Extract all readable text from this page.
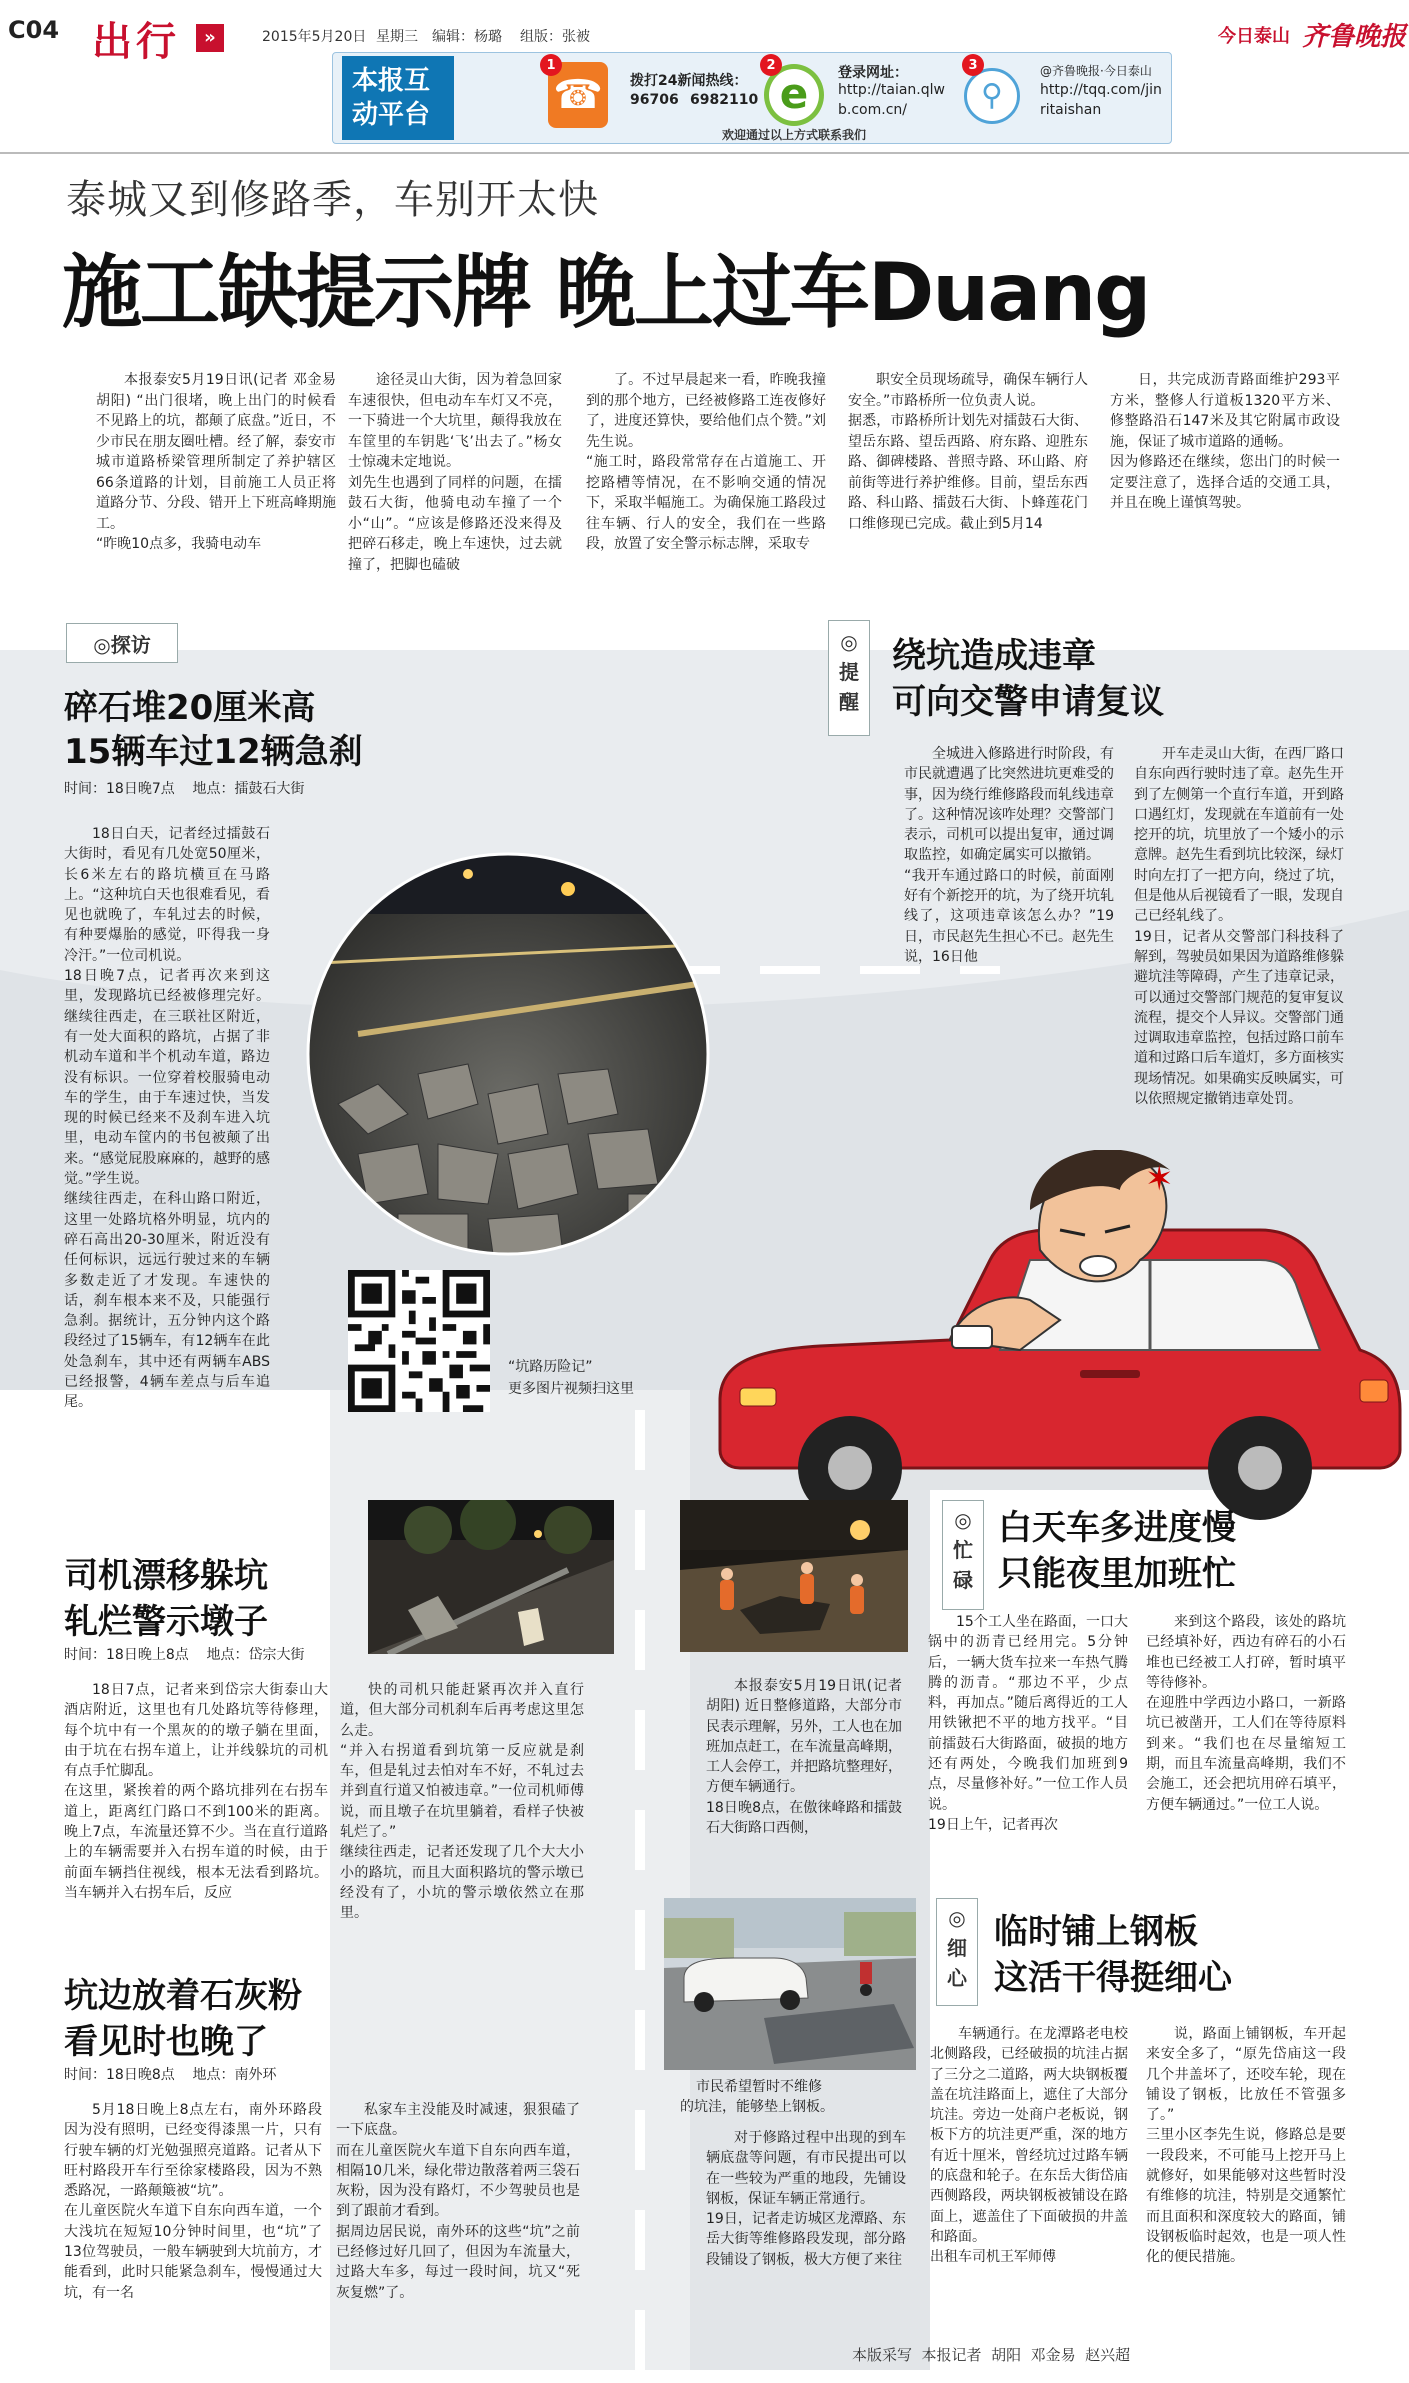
C04 出行	»	2015年5月20日 星期三 编辑：杨璐 组版：张被	今日泰山 齐鲁晚报
本报互
动平台	☎
1
拨打24新闻热线：
96706 6982110 e
2	登录网址：
http://taian.qlw
b.com.cn/	⚲
3	@齐鲁晚报·今日泰山
http://tqq.com/jin
ritaishan
欢迎通过以上方式联系我们
泰城又到修路季，车别开太快
施工缺提示牌 晚上过车Duang
本报泰安5月19日讯(记者 邓金易 胡阳) “出门很堵，晚上出门的时候看不见路上的坑，都颠了底盘。”近日，不少市民在朋友圈吐槽。经了解，泰安市城市道路桥梁管理所制定了养护辖区66条道路的计划，目前施工人员正将道路分节、分段、错开上下班高峰期施工。
“昨晚10点多，我骑电动车
途径灵山大街，因为着急回家车速很快，但电动车车灯又不亮，一下骑进一个大坑里，颠得我放在车筐里的车钥匙‘飞’出去了。”杨女士惊魂未定地说。
刘先生也遇到了同样的问题，在擂鼓石大街，他骑电动车撞了一个小“山”。“应该是修路还没来得及把碎石移走，晚上车速快，过去就撞了，把脚也磕破
了。不过早晨起来一看，昨晚我撞到的那个地方，已经被修路工连夜修好了，进度还算快，要给他们点个赞。”刘先生说。
“施工时，路段常常存在占道施工、开挖路槽等情况，在不影响交通的情况下，采取半幅施工。为确保施工路段过往车辆、行人的安全，我们在一些路段，放置了安全警示标志牌，采取专
职安全员现场疏导，确保车辆行人安全。”市路桥所一位负责人说。
据悉，市路桥所计划先对擂鼓石大街、望岳东路、望岳西路、府东路、迎胜东路、御碑楼路、普照寺路、环山路、府前街等进行养护维修。目前，望岳东西路、科山路、擂鼓石大街、卜蜂莲花门口维修现已完成。截止到5月14
日，共完成沥青路面维护293平方米，整修人行道板1320平方米、修整路沿石147米及其它附属市政设施，保证了城市道路的通畅。
因为修路还在继续，您出门的时候一定要注意了，选择合适的交通工具，并且在晚上谨慎驾驶。
◎探访
碎石堆20厘米高
15辆车过12辆急刹
时间：18日晚7点    地点：擂鼓石大街
18日白天，记者经过擂鼓石大街时，看见有几处宽50厘米，长6米左右的路坑横亘在马路上。“这种坑白天也很难看见，看见也就晚了，车轧过去的时候，有种要爆胎的感觉，吓得我一身冷汗。”一位司机说。
18日晚7点，记者再次来到这里，发现路坑已经被修理完好。继续往西走，在三联社区附近，有一处大面积的路坑，占据了非机动车道和半个机动车道，路边没有标识。一位穿着校服骑电动车的学生，由于车速过快，当发现的时候已经来不及刹车进入坑里，电动车筐内的书包被颠了出来。“感觉屁股麻麻的，越野的感觉。”学生说。
继续往西走，在科山路口附近，这里一处路坑格外明显，坑内的碎石高出20-30厘米，附近没有任何标识，远远行驶过来的车辆多数走近了才发现。车速快的话，刹车根本来不及，只能强行急刹。据统计，五分钟内这个路段经过了15辆车，有12辆车在此处急刹车，其中还有两辆车ABS已经报警，4辆车差点与后车追尾。
“坑路历险记”
更多图片视频扫这里
◎
提
醒
绕坑造成违章
可向交警申请复议
全城进入修路进行时阶段，有市民就遭遇了比突然进坑更难受的事，因为绕行维修路段而轧线违章了。这种情况该咋处理？交警部门表示，司机可以提出复审，通过调取监控，如确定属实可以撤销。
“我开车通过路口的时候，前面刚好有个新挖开的坑，为了绕开坑轧线了，这项违章该怎么办？”19日，市民赵先生担心不已。赵先生说，16日他
开车走灵山大街，在西厂路口自东向西行驶时违了章。赵先生开到了左侧第一个直行车道，开到路口遇红灯，发现就在车道前有一处挖开的坑，坑里放了一个矮小的示意牌。赵先生看到坑比较深，绿灯时向左打了一把方向，绕过了坑，但是他从后视镜看了一眼，发现自己已经轧线了。
19日，记者从交警部门科技科了解到，驾驶员如果因为道路维修躲避坑洼等障碍，产生了违章记录，可以通过交警部门规范的复审复议流程，提交个人异议。交警部门通过调取违章监控，包括过路口前车道和过路口后车道灯，多方面核实现场情况。如果确实反映属实，可以依照规定撤销违章处罚。
✶
司机漂移躲坑
轧烂警示墩子
时间：18日晚上8点    地点：岱宗大街
18日7点，记者来到岱宗大街泰山大酒店附近，这里也有几处路坑等待修理，每个坑中有一个黑灰的的墩子躺在里面，由于坑在右拐车道上，让并线躲坑的司机有点手忙脚乱。
在这里，紧挨着的两个路坑排列在右拐车道上，距离红门路口不到100米的距离。晚上7点，车流量还算不少。当在直行道路上的车辆需要并入右拐车道的时候，由于前面车辆挡住视线，根本无法看到路坑。当车辆并入右拐车后，反应
快的司机只能赶紧再次并入直行道，但大部分司机刹车后再考虑这里怎么走。
“并入右拐道看到坑第一反应就是刹车，但是轧过去怕对车不好，不轧过去并到直行道又怕被违章。”一位司机师傅说，而且墩子在坑里躺着，看样子快被轧烂了。”
继续往西走，记者还发现了几个大大小小的路坑，而且大面积路坑的警示墩已经没有了，小坑的警示墩依然立在那里。
◎
忙
碌
白天车多进度慢
只能夜里加班忙
本报泰安5月19日讯(记者 胡阳) 近日整修道路，大部分市民表示理解，另外，工人也在加班加点赶工，在车流量高峰期，工人会停工，并把路坑整理好，方便车辆通行。
18日晚8点，在傲徕峰路和擂鼓石大街路口西侧，
15个工人坐在路面，一口大锅中的沥青已经用完。5分钟后，一辆大货车拉来一车热气腾腾的沥青。“那边不平，少点料，再加点。”随后离得近的工人用铁锹把不平的地方找平。“目前擂鼓石大街路面，破损的地方还有两处，今晚我们加班到9点，尽量修补好。”一位工作人员说。
19日上午，记者再次
来到这个路段，该处的路坑已经填补好，西边有碎石的小石堆也已经被工人打碎，暂时填平等待修补。
在迎胜中学西边小路口，一新路坑已被凿开，工人们在等待原料到来。“我们也在尽量缩短工期，而且车流量高峰期，我们不会施工，还会把坑用碎石填平，方便车辆通过。”一位工人说。
坑边放着石灰粉
看见时也晚了
时间：18日晚8点    地点：南外环
5月18日晚上8点左右，南外环路段因为没有照明，已经变得漆黑一片，只有行驶车辆的灯光勉强照亮道路。记者从下旺村路段开车行至徐家楼路段，因为不熟悉路况，一路颠簸被“坑”。
在儿童医院火车道下自东向西车道，一个大浅坑在短短10分钟时间里，也“坑”了13位驾驶员，一般车辆驶到大坑前方，才能看到，此时只能紧急刹车，慢慢通过大坑，有一名
私家车主没能及时减速，狠狠磕了一下底盘。
而在儿童医院火车道下自东向西车道，相隔10几米，绿化带边散落着两三袋石灰粉，因为没有路灯，不少驾驶员也是到了跟前才看到。
据周边居民说，南外环的这些“坑”之前已经修过好几回了，但因为车流量大，过路大车多，每过一段时间，坑又“死灰复燃”了。
市民希望暂时不维修
的坑洼，能够垫上钢板。
◎
细
心
临时铺上钢板
这活干得挺细心
对于修路过程中出现的到车辆底盘等问题，有市民提出可以在一些较为严重的地段，先铺设钢板，保证车辆正常通行。
19日，记者走访城区龙潭路、东岳大街等维修路段发现，部分路段铺设了钢板，极大方便了来往
车辆通行。在龙潭路老电校北侧路段，已经破损的坑洼占据了三分之二道路，两大块钢板覆盖在坑洼路面上，遮住了大部分坑洼。旁边一处商户老板说，钢板下方的坑洼更严重，深的地方有近十厘米，曾经坑过过路车辆的底盘和轮子。在东岳大街岱庙西侧路段，两块钢板被铺设在路面上，遮盖住了下面破损的井盖和路面。
出租车司机王军师傅
说，路面上铺钢板，车开起来安全多了，“原先岱庙这一段几个井盖坏了，还咬车轮，现在铺设了钢板，比放任不管强多了。”
三里小区李先生说，修路总是要一段段来，不可能马上挖开马上就修好，如果能够对这些暂时没有维修的坑洼，特别是交通繁忙而且面积和深度较大的路面，铺设钢板临时起效，也是一项人性化的便民措施。
本版采写  本报记者  胡阳  邓金易  赵兴超
